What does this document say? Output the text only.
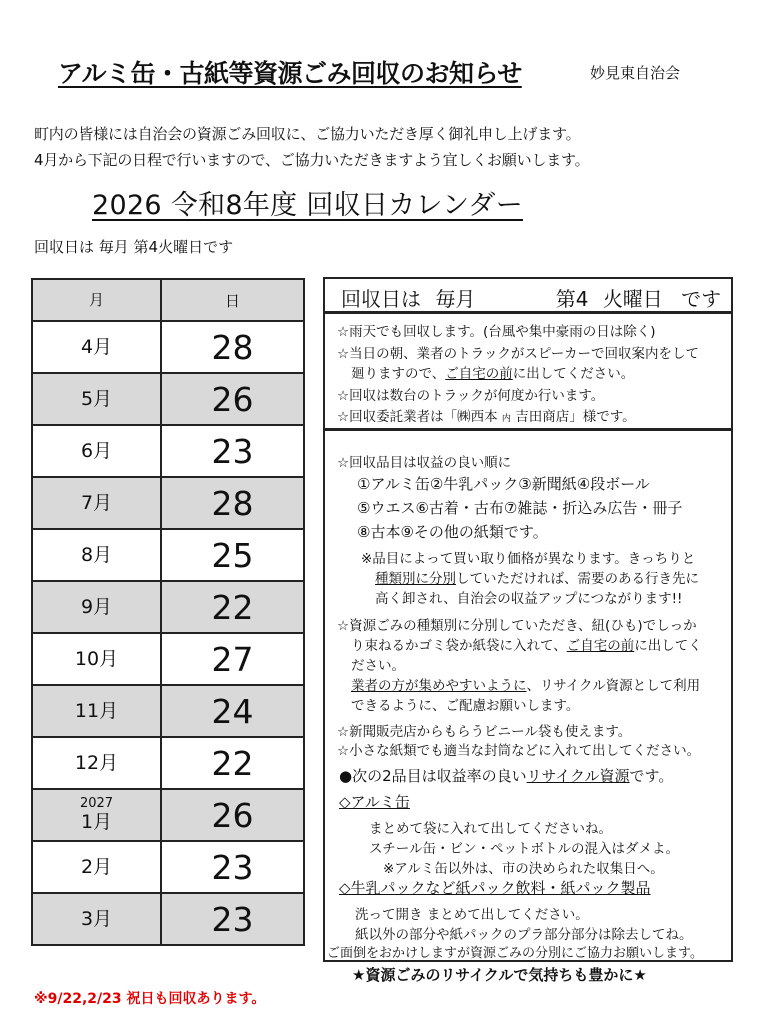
アルミ缶・古紙等資源ごみ回収のお知らせ	妙見東自治会
町内の皆様には自治会の資源ごみ回収に、ご協力いただき厚く御礼申し上げます。
4月から下記の日程で行いますので、ご協力いただきますよう宜しくお願いします。
2026 令和8年度 回収日カレンダー
回収日は 毎月 第4火曜日です
月	日
4月	28
5月	26
6月	23
7月	28
8月	25
9月	22
10月	27
11月	24
12月	22

2027
1月	26
2月	23
3月	23
※9/22,2/23 祝日も回収あります。
回収日は 毎月	第4 火曜日 です
☆雨天でも回収します。(台風や集中豪雨の日は除く)
☆当日の朝、業者のトラックがスピーカーで回収案内をして
廻りますので、ご自宅の前に出してください。
☆回収は数台のトラックが何度か行います。
☆回収委託業者は「㈱西本 内 吉田商店」様です。
☆回収品目は収益の良い順に
①アルミ缶②牛乳パック③新聞紙④段ボール
⑤ウエス⑥古着・古布⑦雑誌・折込み広告・冊子
⑧古本⑨その他の紙類です。
※品目によって買い取り価格が異なります。きっちりと
種類別に分別していただければ、需要のある行き先に
高く卸され、自治会の収益アップにつながります!!
☆資源ごみの種類別に分別していただき、紐(ひも)でしっか
り束ねるかゴミ袋か紙袋に入れて、ご自宅の前に出してく
ださい。
業者の方が集めやすいように、リサイクル資源として利用
できるように、ご配慮お願いします。
☆新聞販売店からもらうビニール袋も使えます。
☆小さな紙類でも適当な封筒などに入れて出してください。
●次の2品目は収益率の良いリサイクル資源です。
◇アルミ缶
まとめて袋に入れて出してくださいね。
スチール缶・ビン・ペットボトルの混入はダメよ。
※アルミ缶以外は、市の決められた収集日へ。
◇牛乳パックなど紙パック飲料・紙パック製品
洗って開き まとめて出してください。
紙以外の部分や紙パックのプラ部分部分は除去してね。
ご面倒をおかけしますが資源ごみの分別にご協力お願いします。
★資源ごみのリサイクルで気持ちも豊かに★
